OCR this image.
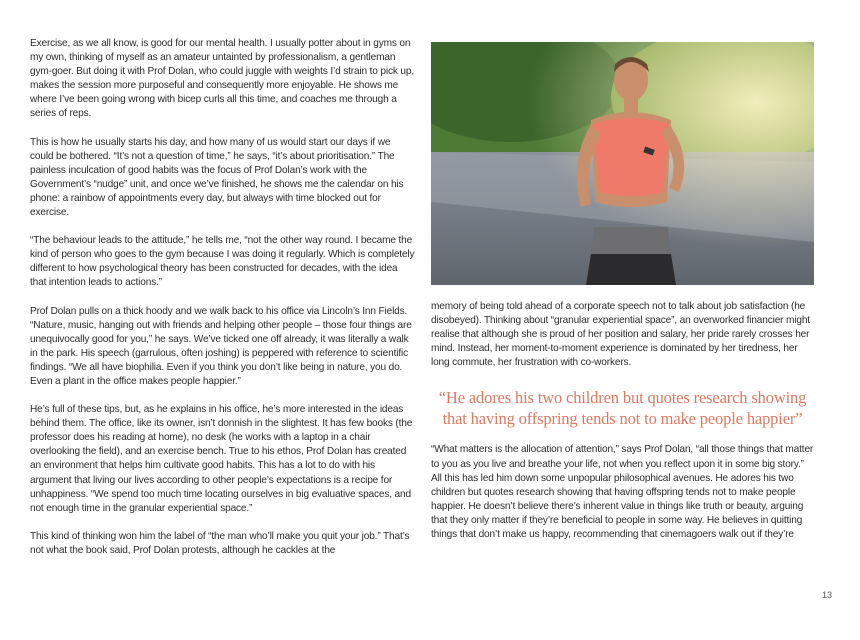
Exercise, as we all know, is good for our mental health. I usually potter about in gyms on my own, thinking of myself as an amateur untainted by professionalism, a gentleman gym-goer. But doing it with Prof Dolan, who could juggle with weights I’d strain to pick up, makes the session more purposeful and consequently more enjoyable. He shows me where I’ve been going wrong with bicep curls all this time, and coaches me through a series of reps.

This is how he usually starts his day, and how many of us would start our days if we could be bothered. “It’s not a question of time,” he says, “it’s about prioritisation.” The painless inculcation of good habits was the focus of Prof Dolan’s work with the Government’s “nudge” unit, and once we’ve finished, he shows me the calendar on his phone: a rainbow of appointments every day, but always with time blocked out for exercise.

“The behaviour leads to the attitude,” he tells me, “not the other way round. I became the kind of person who goes to the gym because I was doing it regularly. Which is completely different to how psychological theory has been constructed for decades, with the idea that intention leads to actions.”

Prof Dolan pulls on a thick hoody and we walk back to his office via Lincoln’s Inn Fields. “Nature, music, hanging out with friends and helping other people – those four things are unequivocally good for you,” he says. We’ve ticked one off already, it was literally a walk in the park. His speech (garrulous, often joshing) is peppered with reference to scientific findings. “We all have biophilia. Even if you think you don’t like being in nature, you do. Even a plant in the office makes people happier.”

He’s full of these tips, but, as he explains in his office, he’s more interested in the ideas behind them. The office, like its owner, isn’t donnish in the slightest. It has few books (the professor does his reading at home), no desk (he works with a laptop in a chair overlooking the field), and an exercise bench. True to his ethos, Prof Dolan has created an environment that helps him cultivate good habits. This has a lot to do with his argument that living our lives according to other people’s expectations is a recipe for unhappiness. “We spend too much time locating ourselves in big evaluative spaces, and not enough time in the granular experiential space.”

This kind of thinking won him the label of “the man who’ll make you quit your job.” That’s not what the book said, Prof Dolan protests, although he cackles at the

memory of being told ahead of a corporate speech not to talk about job satisfaction (he disobeyed). Thinking about “granular experiential space”, an overworked financier might realise that although she is proud of her position and salary, her pride rarely crosses her mind. Instead, her moment-to-moment experience is dominated by her tiredness, her long commute, her frustration with co-workers.

“He adores his two children but quotes research showing that having offspring tends not to make people happier”

“What matters is the allocation of attention,” says Prof Dolan, “all those things that matter to you as you live and breathe your life, not when you reflect upon it in some big story.” All this has led him down some unpopular philosophical avenues. He adores his two children but quotes research showing that having offspring tends not to make people happier. He doesn’t believe there’s inherent value in things like truth or beauty, arguing that they only matter if they’re beneficial to people in some way. He believes in quitting things that don’t make us happy, recommending that cinemagoers walk out if they’re

13
